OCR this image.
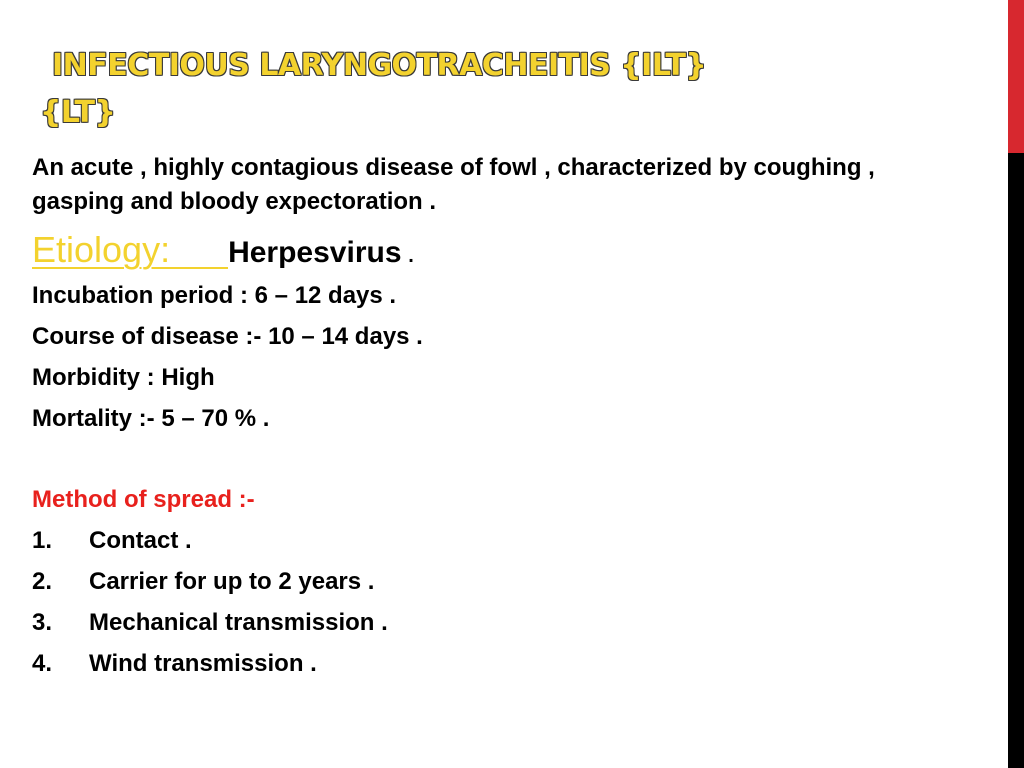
INFECTIOUS LARYNGOTRACHEITIS {ILT}
{LT}

An acute , highly contagious disease of fowl , characterized by coughing , gasping and bloody expectoration .

Etiology: Herpesvirus .

Incubation period : 6 – 12 days .

Course of disease :- 10 – 14 days .

Morbidity : High

Mortality :- 5 – 70 % .

Method of spread :-

1. Contact .
2. Carrier for up to 2 years .
3. Mechanical transmission .
4. Wind transmission .
